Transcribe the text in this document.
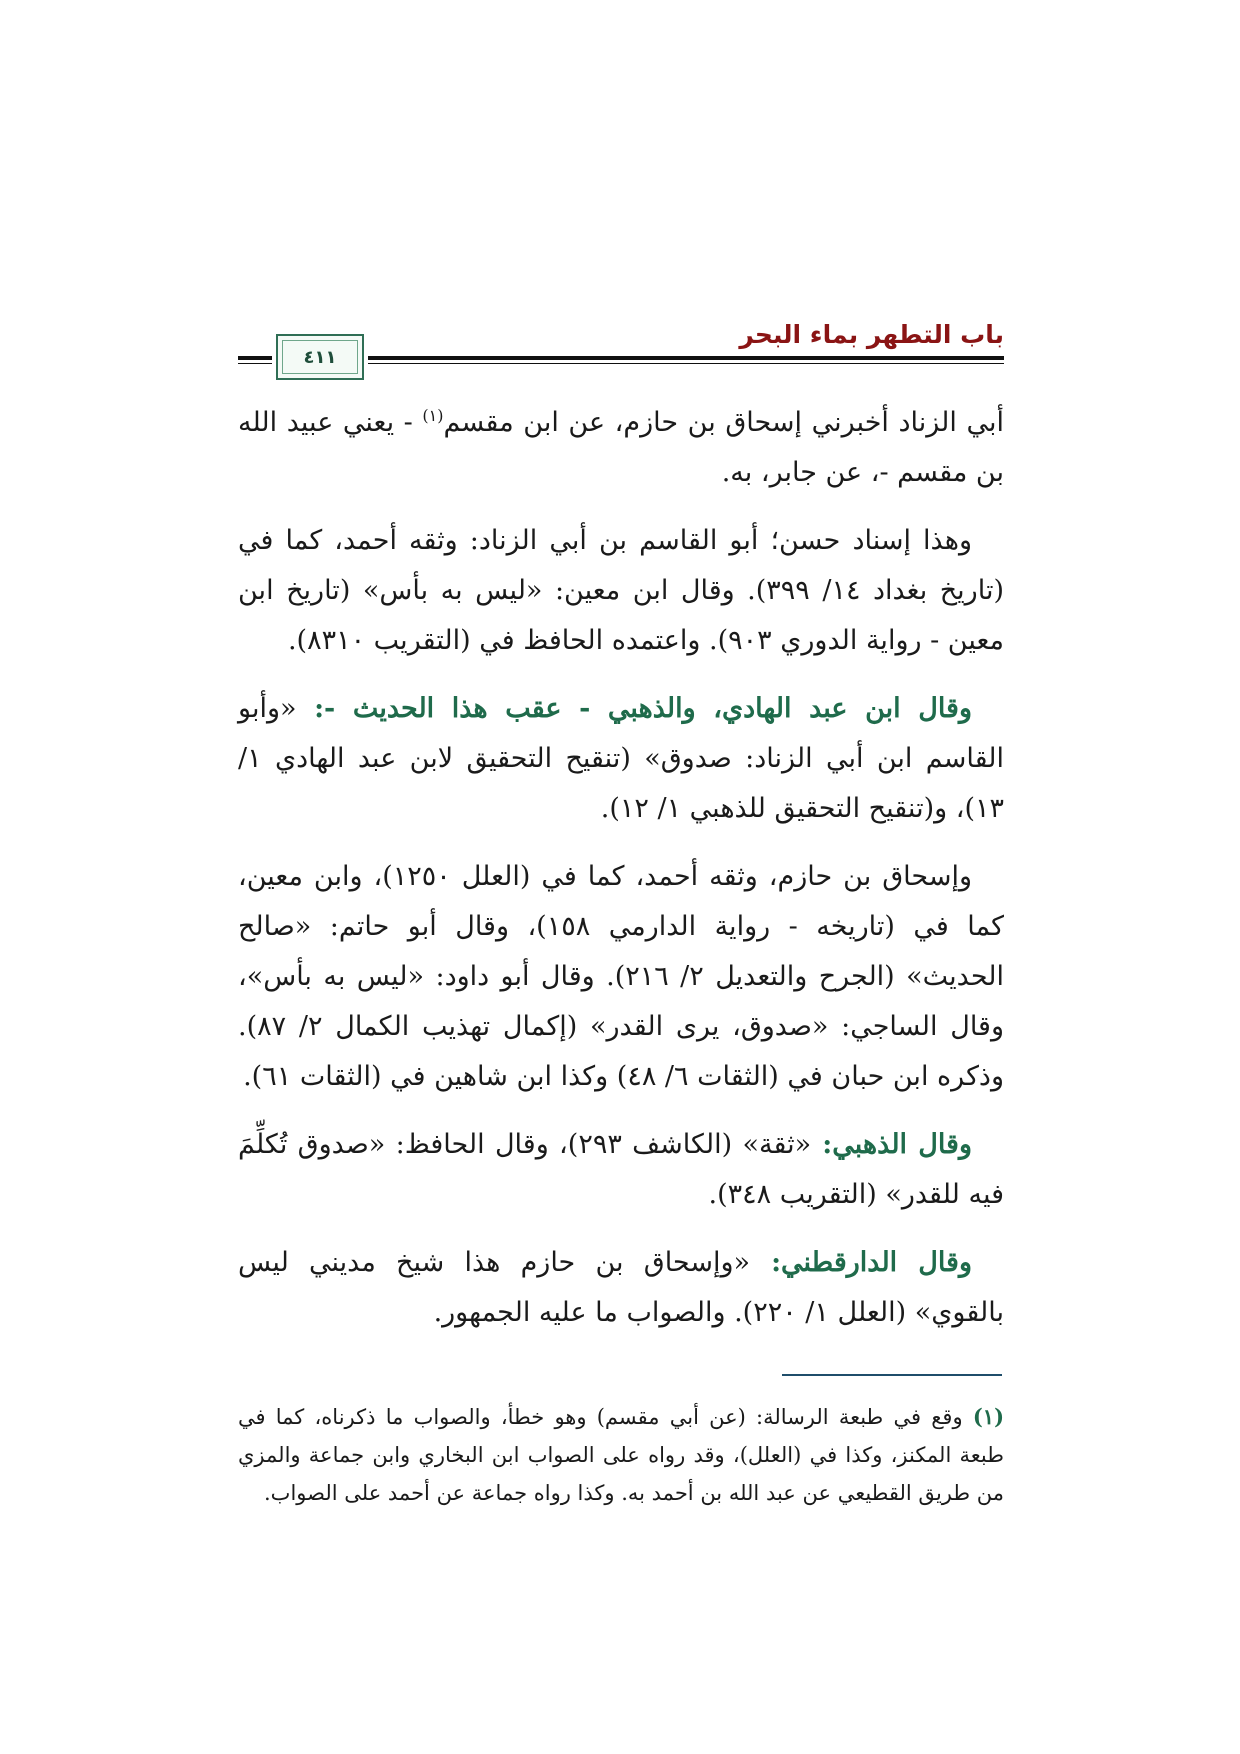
باب التطهر بماء البحر
٤١١

أبي الزناد أخبرني إسحاق بن حازم، عن ابن مقسم$^{(١)}$ - يعني عبيد الله بن مقسم -، عن جابر، به.

وهذا إسناد حسن؛ أبو القاسم بن أبي الزناد: وثقه أحمد، كما في (تاريخ بغداد ١٤/ ٣٩٩). وقال ابن معين: «ليس به بأس» (تاريخ ابن معين - رواية الدوري ٩٠٣). واعتمده الحافظ في (التقريب ٨٣١٠).

وقال ابن عبد الهادي، والذهبي - عقب هذا الحديث -: «وأبو القاسم ابن أبي الزناد: صدوق» (تنقيح التحقيق لابن عبد الهادي ١/ ١٣)، و(تنقيح التحقيق للذهبي ١/ ١٢).

وإسحاق بن حازم، وثقه أحمد، كما في (العلل ١٢٥٠)، وابن معين، كما في (تاريخه - رواية الدارمي ١٥٨)، وقال أبو حاتم: «صالح الحديث» (الجرح والتعديل ٢/ ٢١٦). وقال أبو داود: «ليس به بأس»، وقال الساجي: «صدوق، يرى القدر» (إكمال تهذيب الكمال ٢/ ٨٧). وذكره ابن حبان في (الثقات ٦/ ٤٨) وكذا ابن شاهين في (الثقات ٦١).

وقال الذهبي: «ثقة» (الكاشف ٢٩٣)، وقال الحافظ: «صدوق تُكلِّمَ فيه للقدر» (التقريب ٣٤٨).

وقال الدارقطني: «وإسحاق بن حازم هذا شيخ مديني ليس بالقوي» (العلل ١/ ٢٢٠). والصواب ما عليه الجمهور.

(١) وقع في طبعة الرسالة: (عن أبي مقسم) وهو خطأ، والصواب ما ذكرناه، كما في طبعة المكنز، وكذا في (العلل)، وقد رواه على الصواب ابن البخاري وابن جماعة والمزي من طريق القطيعي عن عبد الله بن أحمد به. وكذا رواه جماعة عن أحمد على الصواب.
